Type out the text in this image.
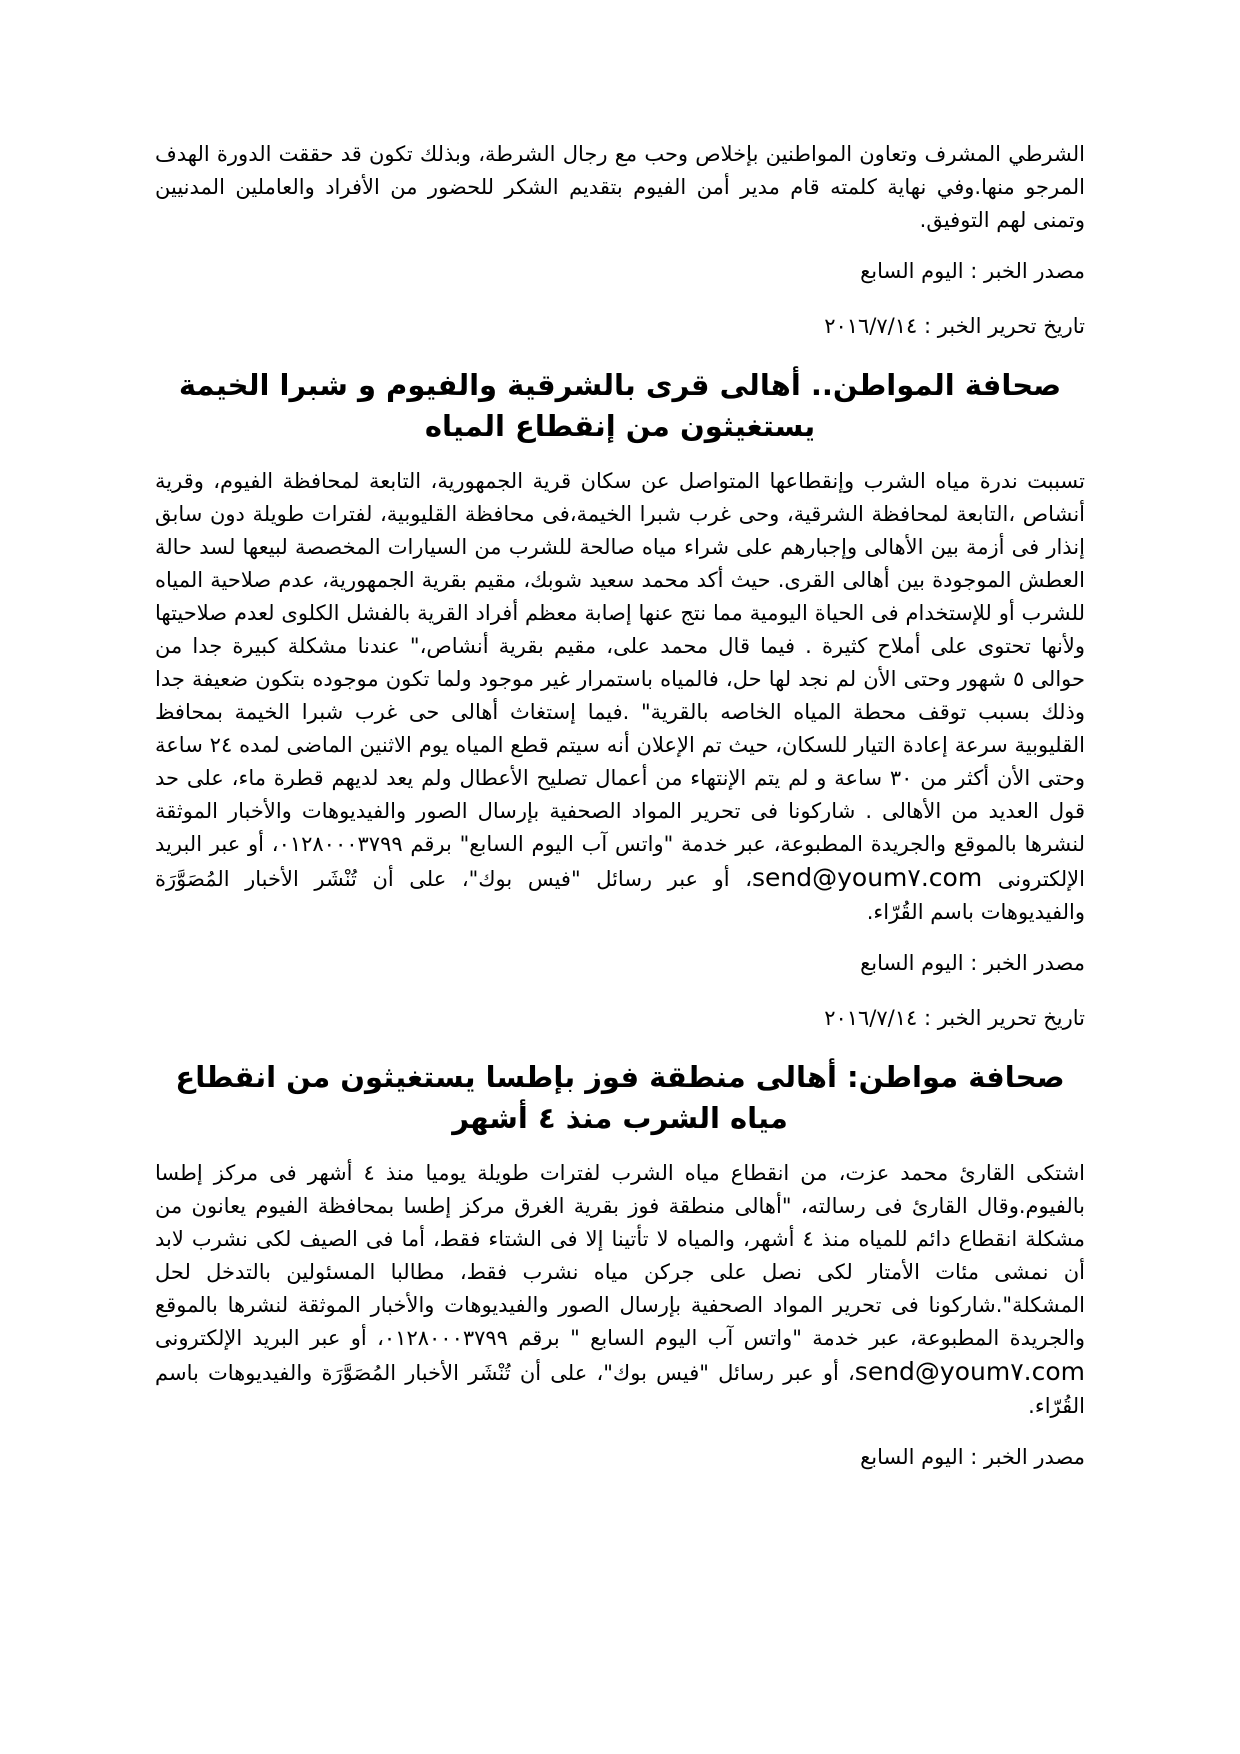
الشرطي المشرف وتعاون المواطنين بإخلاص وحب مع رجال الشرطة، وبذلك تكون قد حققت الدورة الهدف المرجو منها.وفي نهاية كلمته قام مدير أمن الفيوم بتقديم الشكر للحضور من الأفراد والعاملين المدنيين وتمنى لهم التوفيق.

مصدر الخبر : اليوم السابع

تاريخ تحرير الخبر : ٢٠١٦/٧/١٤

صحافة المواطن.. أهالى قرى بالشرقية والفيوم و شبرا الخيمة يستغيثون من إنقطاع المياه

تسببت ندرة مياه الشرب وإنقطاعها المتواصل عن سكان قرية الجمهورية، التابعة لمحافظة الفيوم، وقرية أنشاص ،التابعة لمحافظة الشرقية، وحى غرب شبرا الخيمة،فى محافظة القليوبية، لفترات طويلة دون سابق إنذار فى أزمة بين الأهالى وإجبارهم على شراء مياه صالحة للشرب من السيارات المخصصة لبيعها لسد حالة العطش الموجودة بين أهالى القرى. حيث أكد محمد سعيد شوبك، مقيم بقرية الجمهورية، عدم صلاحية المياه للشرب أو للإستخدام فى الحياة اليومية مما نتج عنها إصابة معظم أفراد القرية بالفشل الكلوى لعدم صلاحيتها ولأنها تحتوى على أملاح كثيرة . فيما قال محمد على، مقيم بقرية أنشاص،" عندنا مشكلة كبيرة جدا من حوالى ٥ شهور وحتى الأن لم نجد لها حل، فالمياه باستمرار غير موجود ولما تكون موجوده بتكون ضعيفة جدا وذلك بسبب توقف محطة المياه الخاصه بالقرية" .فيما إستغاث أهالى حى غرب شبرا الخيمة بمحافظ القليوبية سرعة إعادة التيار للسكان، حيث تم الإعلان أنه سيتم قطع المياه يوم الاثنين الماضى لمده ٢٤ ساعة وحتى الأن أكثر من ٣٠ ساعة و لم يتم الإنتهاء من أعمال تصليح الأعطال ولم يعد لديهم قطرة ماء، على حد قول العديد من الأهالى . شاركونا فى تحرير المواد الصحفية بإرسال الصور والفيديوهات والأخبار الموثقة لنشرها بالموقع والجريدة المطبوعة، عبر خدمة "واتس آب اليوم السابع" برقم ٠١٢٨٠٠٠٣٧٩٩، أو عبر البريد الإلكترونى send@youm٧.com، أو عبر رسائل "فيس بوك"، على أن تُنْشَر الأخبار المُصَوَّرَة والفيديوهات باسم القُرّاء.

مصدر الخبر : اليوم السابع

تاريخ تحرير الخبر : ٢٠١٦/٧/١٤

صحافة مواطن: أهالى منطقة فوز بإطسا يستغيثون من انقطاع مياه الشرب منذ ٤ أشهر

اشتكى القارئ محمد عزت، من انقطاع مياه الشرب لفترات طويلة يوميا منذ ٤ أشهر فى مركز إطسا بالفيوم.وقال القارئ فى رسالته، "أهالى منطقة فوز بقرية الغرق مركز إطسا بمحافظة الفيوم يعانون من مشكلة انقطاع دائم للمياه منذ ٤ أشهر، والمياه لا تأتينا إلا فى الشتاء فقط، أما فى الصيف لكى نشرب لابد أن نمشى مئات الأمتار لكى نصل على جركن مياه نشرب فقط، مطالبا المسئولين بالتدخل لحل المشكلة".شاركونا فى تحرير المواد الصحفية بإرسال الصور والفيديوهات والأخبار الموثقة لنشرها بالموقع والجريدة المطبوعة، عبر خدمة "واتس آب اليوم السابع " برقم ٠١٢٨٠٠٠٣٧٩٩، أو عبر البريد الإلكترونى send@youm٧.com، أو عبر رسائل "فيس بوك"، على أن تُنْشَر الأخبار المُصَوَّرَة والفيديوهات باسم القُرّاء.

مصدر الخبر : اليوم السابع
